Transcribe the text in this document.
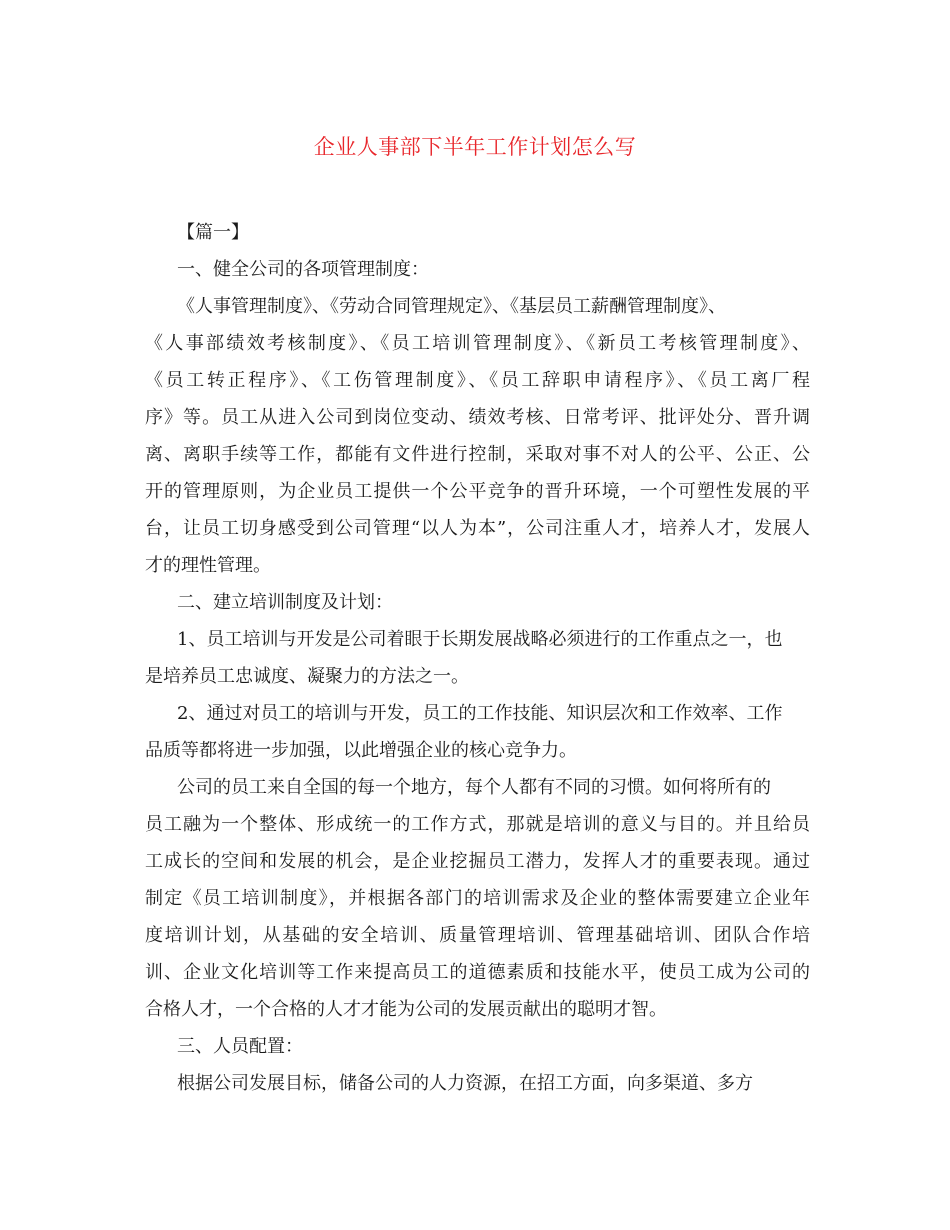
企业人事部下半年工作计划怎么写
【篇一】
一、健全公司的各项管理制度：
《人事管理制度》、《劳动合同管理规定》、《基层员工薪酬管理制度》、
《人事部绩效考核制度》、《员工培训管理制度》、《新员工考核管理制度》、
《员工转正程序》、《工伤管理制度》、《员工辞职申请程序》、《员工离厂程
序》等。员工从进入公司到岗位变动、绩效考核、日常考评、批评处分、晋升调
离、离职手续等工作，都能有文件进行控制，采取对事不对人的公平、公正、公
开的管理原则，为企业员工提供一个公平竞争的晋升环境，一个可塑性发展的平
台，让员工切身感受到公司管理“以人为本”，公司注重人才，培养人才，发展人
才的理性管理。
二、建立培训制度及计划：
1、员工培训与开发是公司着眼于长期发展战略必须进行的工作重点之一，也
是培养员工忠诚度、凝聚力的方法之一。
2、通过对员工的培训与开发，员工的工作技能、知识层次和工作效率、工作
品质等都将进一步加强，以此增强企业的核心竞争力。
公司的员工来自全国的每一个地方，每个人都有不同的习惯。如何将所有的
员工融为一个整体、形成统一的工作方式，那就是培训的意义与目的。并且给员
工成长的空间和发展的机会，是企业挖掘员工潜力，发挥人才的重要表现。通过
制定《员工培训制度》，并根据各部门的培训需求及企业的整体需要建立企业年
度培训计划，从基础的安全培训、质量管理培训、管理基础培训、团队合作培
训、企业文化培训等工作来提高员工的道德素质和技能水平，使员工成为公司的
合格人才，一个合格的人才才能为公司的发展贡献出的聪明才智。
三、人员配置：
根据公司发展目标，储备公司的人力资源，在招工方面，向多渠道、多方
